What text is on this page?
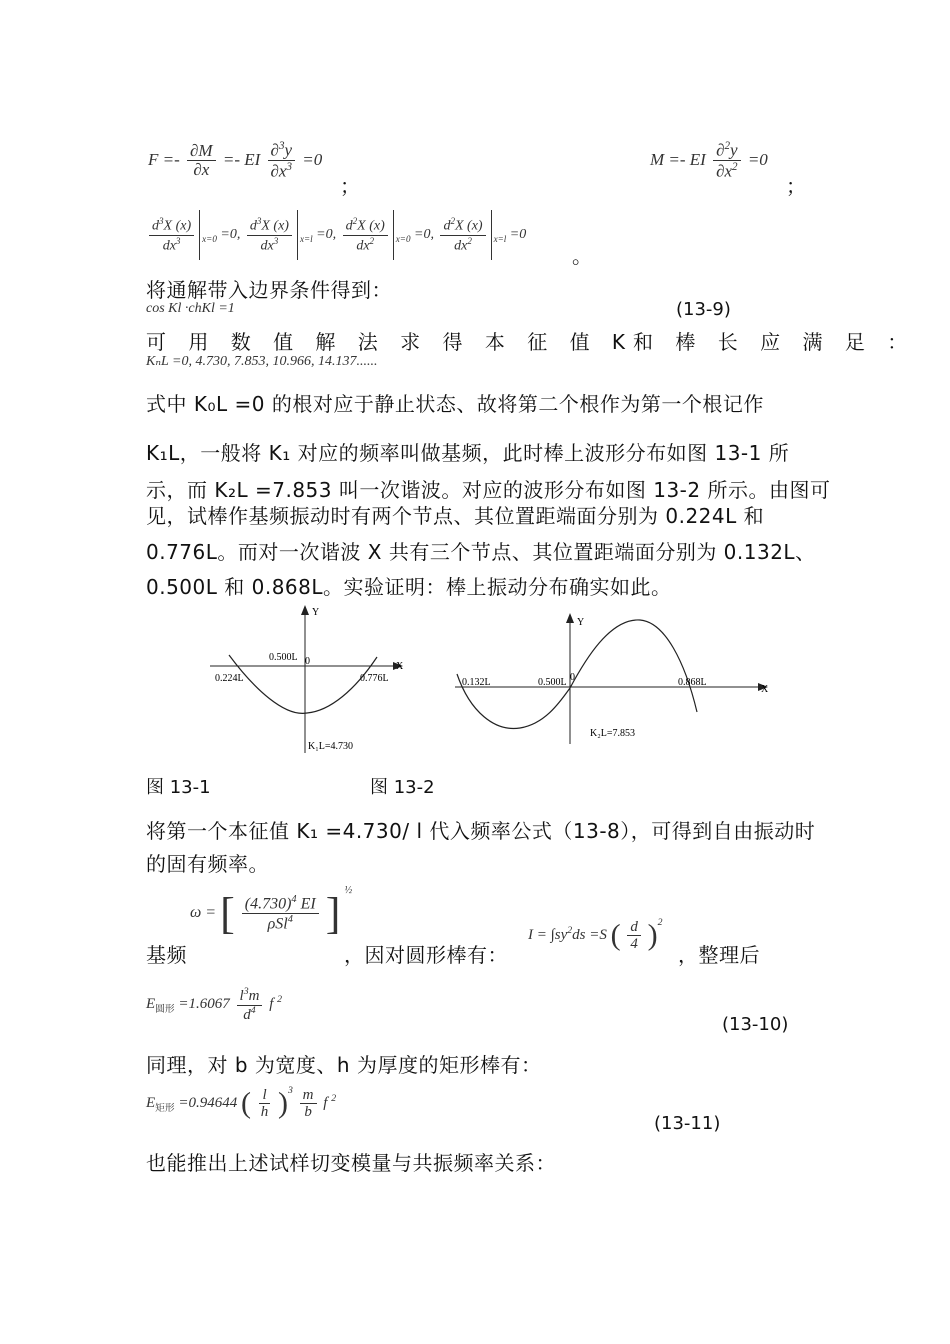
$F =- \frac{\partial M}{\partial x}$ =- EI $\frac{\partial^3y}{\partial x^3} =0$
；
M =- EI $\frac{\partial^2y}{\partial x^2} =0$
；
$\frac{d^3X (x)}{dx^3} _{x=0} =0$, $\frac{d^3X (x)}{dx^3} _{x=l} =0$, $\frac{d^2X (x)}{dx^2} _{x=0} =0$, $\frac{d^2X (x)}{dx^2} _{x=l} =0$
。
将通解带入边界条件得到：
cos Kl ·chKl =1	(13-9)
可 用 数 值 解 法 求 得 本 征 值 K和 棒 长 应 满 足 ：
KₙL =0, 4.730, 7.853, 10.966, 14.137......
式中 K₀L =0 的根对应于静止状态、故将第二个根作为第一个根记作
K₁L，一般将 K₁ 对应的频率叫做基频，此时棒上波形分布如图 13-1 所
示，而 K₂L =7.853 叫一次谐波。对应的波形分布如图 13-2 所示。由图可
见，试棒作基频振动时有两个节点、其位置距端面分别为 0.224L 和
0.776L。而对一次谐波 X 共有三个节点、其位置距端面分别为 0.132L、
0.500L 和 0.868L。实验证明：棒上振动分布确实如此。
Y
X
0
0.500L
0.224L	0.776L
K₁L=4.730
Y
X
0
0.132L	0.500L	0.868L
K₂L=7.853
图 13-1	图 13-2
将第一个本征值 K₁ =4.730/ l 代入频率公式（13-8），可得到自由振动时
的固有频率。
基频
ω = [ $\frac{(4.730)^4 EI}{\rho Sl^4}$ ] $^{\frac{1}{2}}$
，因对圆形棒有：
$I = \int sy^2ds =S$ ( $\frac{d}{4} )^2$
，整理后
$E_{圆形} =1.6067 \frac{l^3m}{d^4}$ f $^2$
(13-10)
同理，对 b 为宽度、h 为厚度的矩形棒有：
$E_{矩形} =0.94644$ ( $\frac{l}{h} )^3 \frac{m}{b}$ f $^2$
(13-11)
也能推出上述试样切变模量与共振频率关系：
